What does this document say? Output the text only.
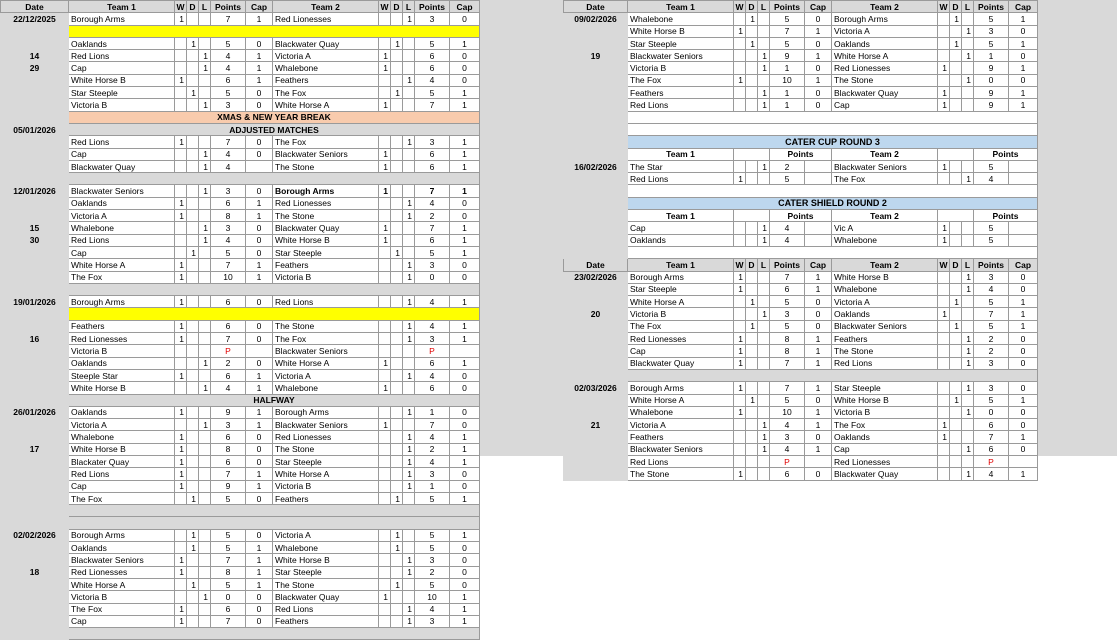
Date	Team 1	W	D	L	Points	Cap	Team 2	W	D	L	Points	Cap
22/12/2025	Borough Arms	1			7	1	Red Lionesses			1	3	0

	Oaklands		1		5	0	Blackwater Quay		1		5	1
14	Red Lions			1	4	1	Victoria A	1			6	0
29	Cap			1	4	1	Whalebone	1			6	0
	White Horse B	1			6	1	Feathers			1	4	0
	Star Steeple		1		5	0	The Fox		1		5	1
	Victoria B			1	3	0	White Horse A	1			7	1
	XMAS & NEW YEAR BREAK											
05/01/2026	ADJUSTED MATCHES											
	Red Lions	1			7	0	The Fox			1	3	1
	Cap			1	4	0	Blackwater Seniors	1			6	1
	Blackwater Quay			1	4		The Stone	1			6	1

12/01/2026	Blackwater Seniors			1	3	0	Borough Arms	1			7	1
	Oaklands	1			6	1	Red Lionesses			1	4	0
	Victoria A	1			8	1	The Stone			1	2	0
15	Whalebone			1	3	0	Blackwater Quay	1			7	1
30	Red Lions			1	4	0	White Horse B	1			6	1
	Cap		1		5	0	Star Steeple		1		5	1
	White Horse A	1			7	1	Feathers			1	3	0
	The Fox	1			10	1	Victoria B			1	0	0

19/01/2026	Borough Arms	1			6	0	Red Lions			1	4	1

	Feathers	1			6	0	The Stone			1	4	1
16	Red Lionesses	1			7	0	The Fox			1	3	1
	Victoria B				P		Blackwater Seniors				P	
	Oaklands			1	2	0	White Horse A	1			6	1
	Steeple Star	1			6	1	Victoria A			1	4	0
	White Horse B			1	4	1	Whalebone	1			6	0
	HALFWAY											
26/01/2026	Oaklands	1			9	1	Borough Arms			1	1	0
	Victoria A			1	3	1	Blackwater Seniors	1			7	0
	Whalebone	1			6	0	Red Lionesses			1	4	1
17	White Horse B	1			8	0	The Stone			1	2	1
	Blackater Quay	1			6	0	Star Steeple			1	4	1
	Red Lions	1			7	1	White Horse A			1	3	0
	Cap	1			9	1	Victoria B			1	1	0
	The Fox		1		5	0	Feathers		1		5	1

02/02/2026	Borough Arms		1		5	0	Victoria A		1		5	1
	Oaklands		1		5	1	Whalebone		1		5	0
	Blackwater Seniors	1			7	1	White Horse B			1	3	0
18	Red Lionesses	1			8	1	Star Steeple			1	2	0
	White Horse A		1		5	1	The Stone		1		5	0
	Victoria B			1	0	0	Blackwater Quay	1			10	1
	The Fox	1			6	0	Red Lions			1	4	1
	Cap	1			7	0	Feathers			1	3	1

Date	Team 1	W	D	L	Points	Cap	Team 2	W	D	L	Points	Cap
09/02/2026	Whalebone		1		5	0	Borough Arms		1		5	1
	White Horse B	1			7	1	Victoria A			1	3	0
	Star Steeple		1		5	0	Oaklands		1		5	1
19	Blackwater Seniors			1	9	1	White Horse A			1	1	0
	Victoria B			1	1	0	Red Lionesses	1			9	1
	The Fox	1			10	1	The Stone			1	0	0
	Feathers			1	1	0	Blackwater Quay	1			9	1
	Red Lions			1	1	0	Cap	1			9	1

	CATER CUP ROUND 3											
	Team 1				Points		Team 2				Points	
16/02/2026	The Star			1	2		Blackwater Seniors	1			5	
	Red Lions	1			5		The Fox			1	4	

	CATER SHIELD ROUND 2											
	Team 1				Points		Team 2				Points	
	Cap			1	4		Vic A	1			5	
	Oaklands			1	4		Whalebone	1			5	

Date	Team 1	W	D	L	Points	Cap	Team 2	W	D	L	Points	Cap
23/02/2026	Borough Arms	1			7	1	White Horse B			1	3	0
	Star Steeple	1			6	1	Whalebone			1	4	0
	White Horse A		1		5	0	Victoria A		1		5	1
20	Victoria B			1	3	0	Oaklands	1			7	1
	The Fox		1		5	0	Blackwater Seniors		1		5	1
	Red Lionesses	1			8	1	Feathers			1	2	0
	Cap	1			8	1	The Stone			1	2	0
	Blackwater Quay	1			7	1	Red Lions			1	3	0

02/03/2026	Borough Arms	1			7	1	Star Steeple			1	3	0
	White Horse A		1		5	0	White Horse B		1		5	1
	Whalebone	1			10	1	Victoria B			1	0	0
21	Victoria A			1	4	1	The Fox	1			6	0
	Feathers			1	3	0	Oaklands	1			7	1
	Blackwater Seniors			1	4	1	Cap			1	6	0
	Red Lions				P		Red Lionesses				P	
	The Stone	1			6	0	Blackwater Quay			1	4	1
